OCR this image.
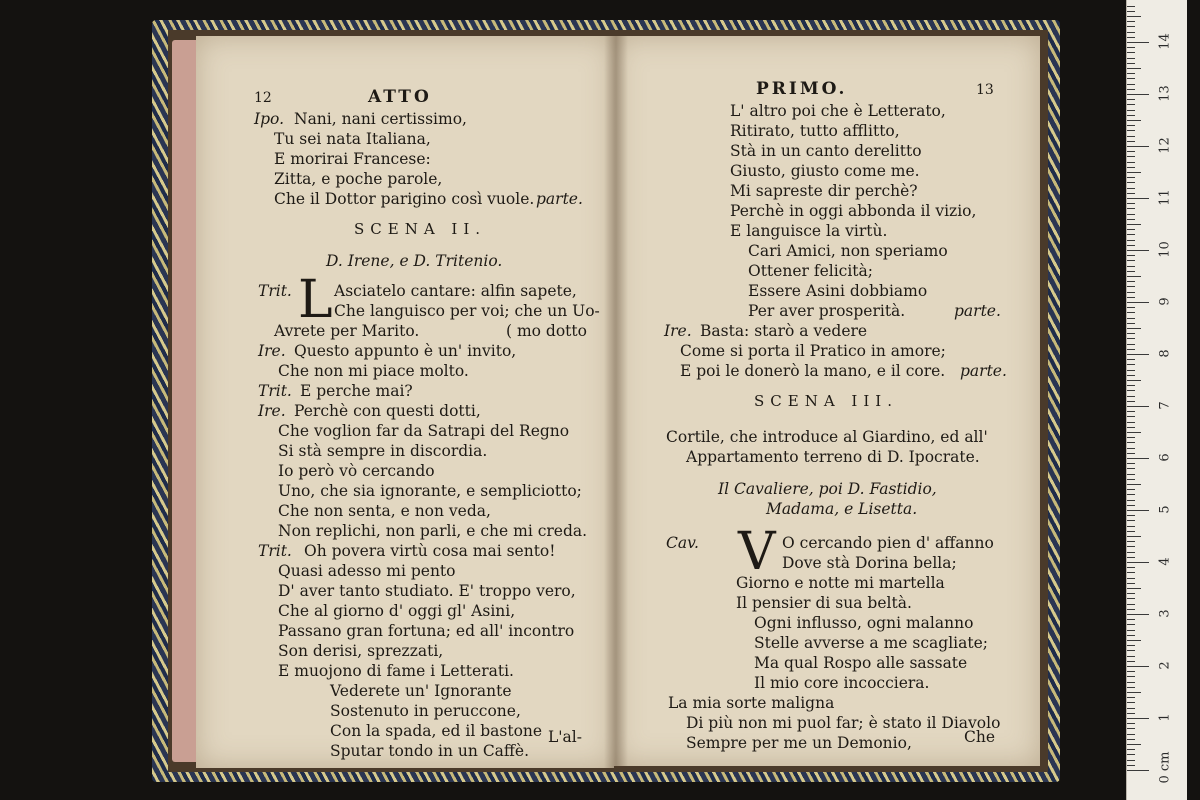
12	ATTO
Ipo. Nani, nani certissimo,
Tu sei nata Italiana,
E morirai Francese:
Zitta, e poche parole,
Che il Dottor parigino così vuole. parte.
SCENA II.
D. Irene, e D. Tritenio.
Trit. L Asciatelo cantare: alfin sapete,
Che languisco per voi; che un Uo-
Avrete per Marito.	( mo dotto
Ire. Questo appunto è un' invito,
Che non mi piace molto.
Trit. E perche mai?
Ire. Perchè con questi dotti,
Che voglion far da Satrapi del Regno
Si stà sempre in discordia.
Io però vò cercando
Uno, che sia ignorante, e sempliciotto;
Che non senta, e non veda,
Non replichi, non parli, e che mi creda.
Trit. Oh povera virtù cosa mai sento!
Quasi adesso mi pento
D' aver tanto studiato. E' troppo vero,
Che al giorno d' oggi gl' Asini,
Passano gran fortuna; ed all' incontro
Son derisi, sprezzati,
E muojono di fame i Letterati.
Vederete un' Ignorante
Sostenuto in peruccone,
Con la spada, ed il bastone
Sputar tondo in un Caffè.
L'al-
PRIMO.	13
L' altro poi che è Letterato,
Ritirato, tutto afflitto,
Stà in un canto derelitto
Giusto, giusto come me.
Mi sapreste dir perchè?
Perchè in oggi abbonda il vizio,
E languisce la virtù.
Cari Amici, non speriamo
Ottener felicità;
Essere Asini dobbiamo
Per aver prosperità.	parte.
Ire. Basta: starò a vedere
Come si porta il Pratico in amore;
E poi le donerò la mano, e il core. parte.
SCENA III.
Cortile, che introduce al Giardino, ed all'
Appartamento terreno di D. Ipocrate.
Il Cavaliere, poi D. Fastidio,
Madama, e Lisetta.
Cav. V O cercando pien d' affanno
Dove stà Dorina bella;
Giorno e notte mi martella
Il pensier di sua beltà.
Ogni influsso, ogni malanno
Stelle avverse a me scagliate;
Ma qual Rospo alle sassate
Il mio core incocciera.
La mia sorte maligna
Di più non mi puol far; è stato il Diavolo
Sempre per me un Demonio,	Che
0 cm
1
2
3
4
5
6
7
8
9
10
11
12
13
14
